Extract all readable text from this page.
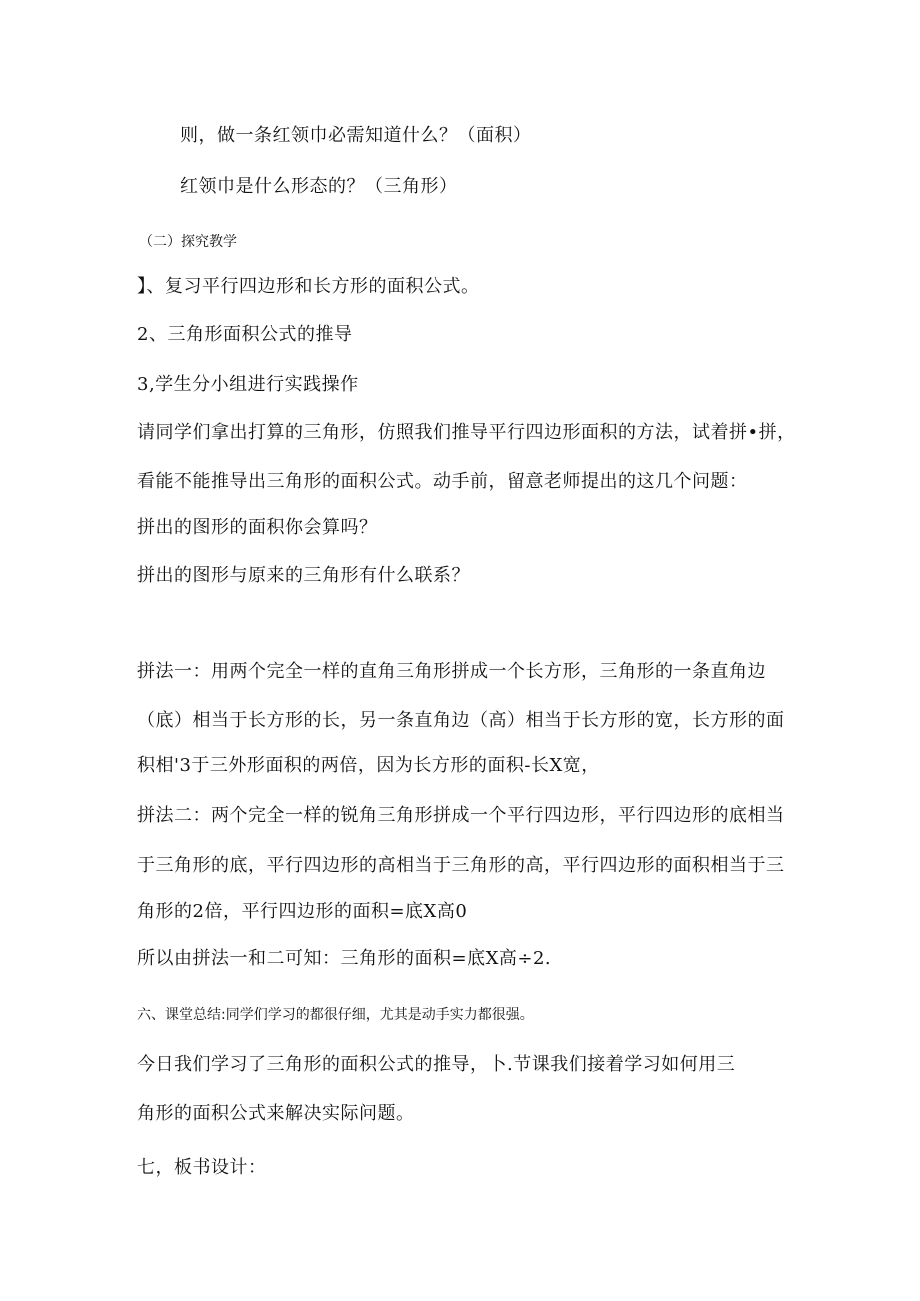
则，做一条红领巾必需知道什么？（面积）
红领巾是什么形态的？（三角形）
（二）探究教学
】、复习平行四边形和长方形的面积公式。
2、三角形面积公式的推导
3,学生分小组进行实践操作
请同学们拿出打算的三角形，仿照我们推导平行四边形面积的方法，试着拼•拼，
看能不能推导出三角形的面积公式。动手前，留意老师提出的这几个问题：
拼出的图形的面积你会算吗？
拼出的图形与原来的三角形有什么联系？
拼法一：用两个完全一样的直角三角形拼成一个长方形，三角形的一条直角边
（底）相当于长方形的长，另一条直角边（高）相当于长方形的宽，长方形的面
积相'3于三外形面积的两倍，因为长方形的面积-长X宽，
拼法二：两个完全一样的锐角三角形拼成一个平行四边形，平行四边形的底相当
于三角形的底，平行四边形的高相当于三角形的高，平行四边形的面积相当于三
角形的2倍，平行四边形的面积=底X高0
所以由拼法一和二可知：三角形的面积=底X高÷2.
六、课堂总结:同学们学习的都很仔细，尤其是动手实力都很强。
今日我们学习了三角形的面积公式的推导，卜.节课我们接着学习如何用三
角形的面积公式来解决实际问题。
七，板书设计：
